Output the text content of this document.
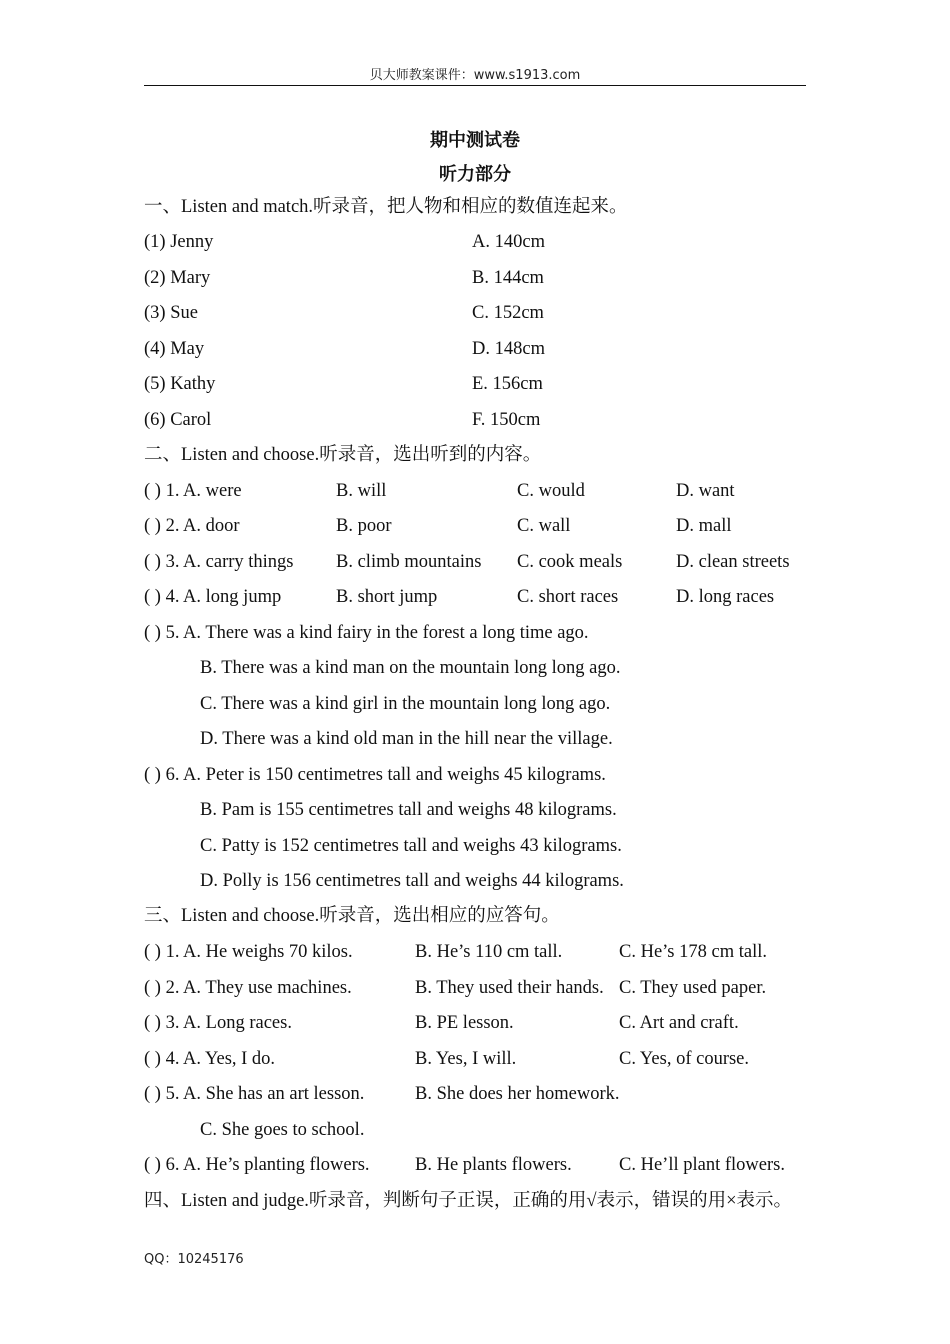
贝大师教案课件：www.s1913.com
期中测试卷
听力部分
一、Listen and match.听录音，把人物和相应的数值连起来。
(1) Jenny	A. 140cm
(2) Mary	B. 144cm
(3) Sue	C. 152cm
(4) May	D. 148cm
(5) Kathy	E. 156cm
(6) Carol	F. 150cm
二、Listen and choose.听录音，选出听到的内容。
( ) 1. A. were	B. will	C. would	D. want
( ) 2. A. door	B. poor	C. wall	D. mall
( ) 3. A. carry things B. climb mountains C. cook meals	D. clean streets
( ) 4. A. long jump	B. short jump	C. short races	D. long races
( ) 5. A. There was a kind fairy in the forest a long time ago.
B. There was a kind man on the mountain long long ago.
C. There was a kind girl in the mountain long long ago.
D. There was a kind old man in the hill near the village.
( ) 6. A. Peter is 150 centimetres tall and weighs 45 kilograms.
B. Pam is 155 centimetres tall and weighs 48 kilograms.
C. Patty is 152 centimetres tall and weighs 43 kilograms.
D. Polly is 156 centimetres tall and weighs 44 kilograms.
三、Listen and choose.听录音，选出相应的应答句。
( ) 1. A. He weighs 70 kilos.	B. He’s 110 cm tall.	C. He’s 178 cm tall.
( ) 2. A. They use machines.	B. They used their hands. C. They used paper.
( ) 3. A. Long races.	B. PE lesson.	C. Art and craft.
( ) 4. A. Yes, I do.	B. Yes, I will.	C. Yes, of course.
( ) 5. A. She has an art lesson.	B. She does her homework.
C. She goes to school.
( ) 6. A. He’s planting flowers. B. He plants flowers.	C. He’ll plant flowers.
四、Listen and judge.听录音，判断句子正误，正确的用√表示，错误的用×表示。
QQ：10245176
